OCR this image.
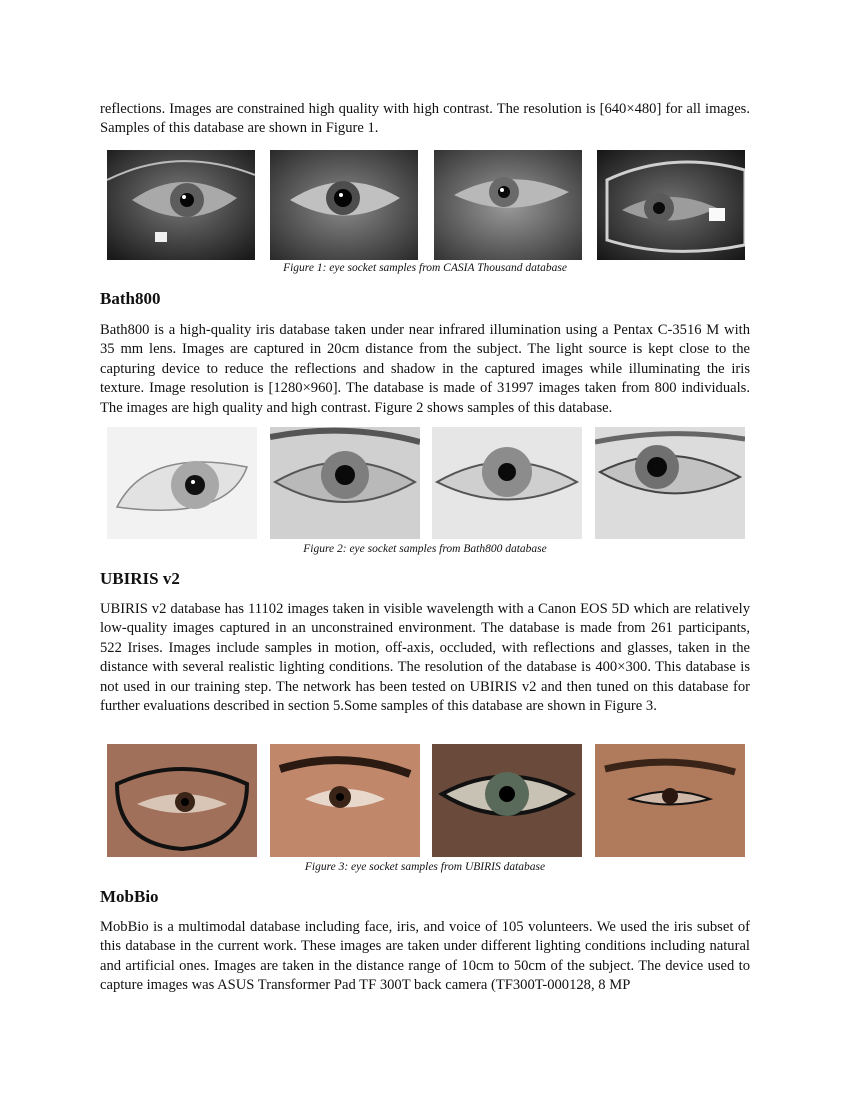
reflections. Images are constrained high quality with high contrast. The resolution is [640×480] for all images. Samples of this database are shown in Figure 1.

Figure 1: eye socket samples from CASIA Thousand database

Bath800

Bath800 is a high-quality iris database taken under near infrared illumination using a Pentax C-3516 M with 35 mm lens. Images are captured in 20cm distance from the subject. The light source is kept close to the capturing device to reduce the reflections and shadow in the captured images while illuminating the iris texture. Image resolution is [1280×960]. The database is made of 31997 images taken from 800 individuals. The images are high quality and high contrast. Figure 2 shows samples of this database.

Figure 2: eye socket samples from Bath800 database

UBIRIS v2

UBIRIS v2 database has 11102 images taken in visible wavelength with a Canon EOS 5D which are relatively low-quality images captured in an unconstrained environment. The database is made from 261 participants, 522 Irises. Images include samples in motion, off-axis, occluded, with reflections and glasses, taken in the distance with several realistic lighting conditions. The resolution of the database is 400×300. This database is not used in our training step. The network has been tested on UBIRIS v2 and then tuned on this database for further evaluations described in section 5.Some samples of this database are shown in Figure 3.

Figure 3: eye socket samples from UBIRIS database

MobBio

MobBio is a multimodal database including face, iris, and voice of 105 volunteers. We used the iris subset of this database in the current work. These images are taken under different lighting conditions including natural and artificial ones. Images are taken in the distance range of 10cm to 50cm of the subject. The device used to capture images was ASUS Transformer Pad TF 300T back camera (TF300T-000128, 8 MP
